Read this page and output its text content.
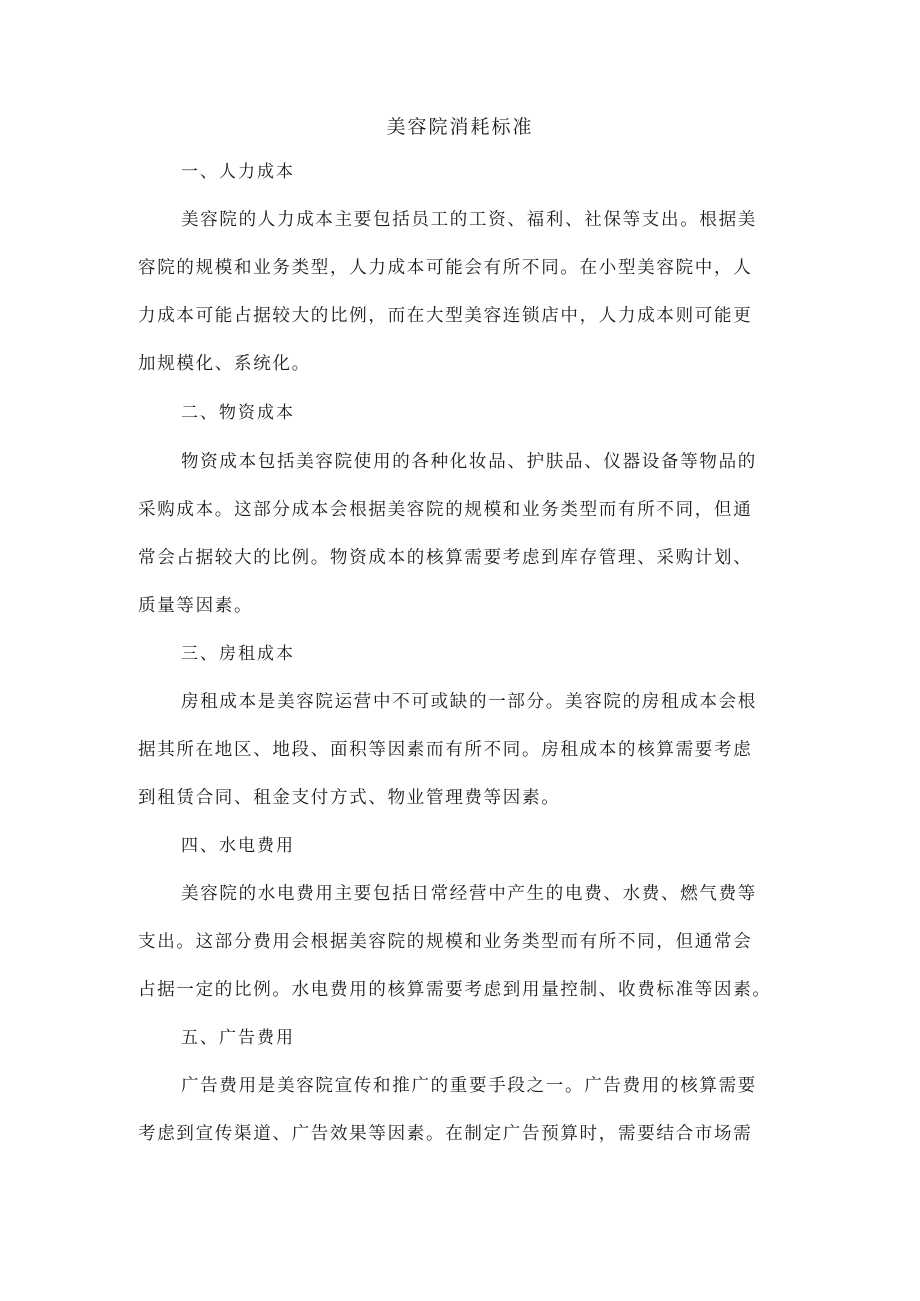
美容院消耗标准
一、人力成本
美容院的人力成本主要包括员工的工资、福利、社保等支出。根据美
容院的规模和业务类型，人力成本可能会有所不同。在小型美容院中，人
力成本可能占据较大的比例，而在大型美容连锁店中，人力成本则可能更
加规模化、系统化。
二、物资成本
物资成本包括美容院使用的各种化妆品、护肤品、仪器设备等物品的
采购成本。这部分成本会根据美容院的规模和业务类型而有所不同，但通
常会占据较大的比例。物资成本的核算需要考虑到库存管理、采购计划、
质量等因素。
三、房租成本
房租成本是美容院运营中不可或缺的一部分。美容院的房租成本会根
据其所在地区、地段、面积等因素而有所不同。房租成本的核算需要考虑
到租赁合同、租金支付方式、物业管理费等因素。
四、水电费用
美容院的水电费用主要包括日常经营中产生的电费、水费、燃气费等
支出。这部分费用会根据美容院的规模和业务类型而有所不同，但通常会
占据一定的比例。水电费用的核算需要考虑到用量控制、收费标准等因素。
五、广告费用
广告费用是美容院宣传和推广的重要手段之一。广告费用的核算需要
考虑到宣传渠道、广告效果等因素。在制定广告预算时，需要结合市场需
